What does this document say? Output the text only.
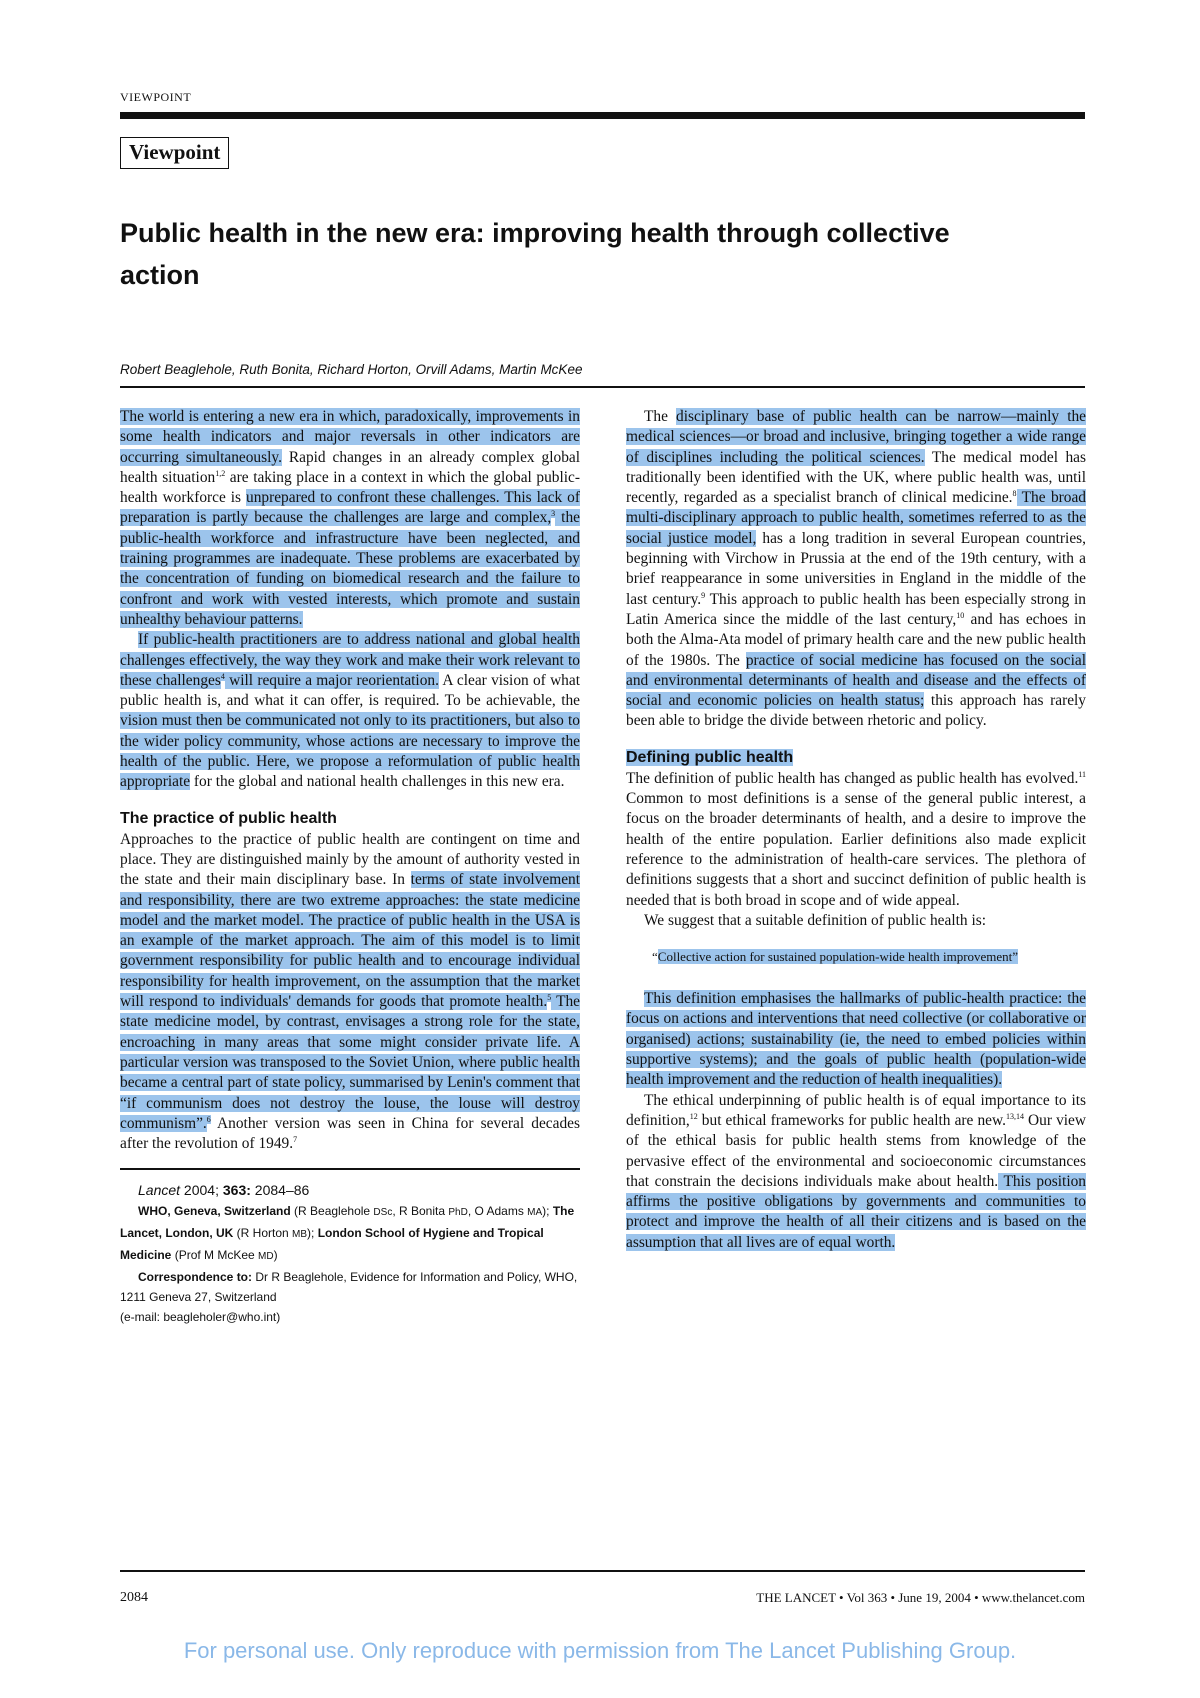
VIEWPOINT
Viewpoint
Public health in the new era: improving health through collective action
Robert Beaglehole, Ruth Bonita, Richard Horton, Orvill Adams, Martin McKee

The world is entering a new era in which, paradoxically, improvements in some health indicators and major reversals in other indicators are occurring simultaneously. Rapid changes in an already complex global health situation$^{1,2}$ are taking place in a context in which the global public-health workforce is unprepared to confront these challenges. This lack of preparation is partly because the challenges are large and complex,$^3$ the public-health workforce and infrastructure have been neglected, and training programmes are inadequate. These problems are exacerbated by the concentration of funding on biomedical research and the failure to confront and work with vested interests, which promote and sustain unhealthy behaviour patterns.

If public-health practitioners are to address national and global health challenges effectively, the way they work and make their work relevant to these challenges$^4$ will require a major reorientation. A clear vision of what public health is, and what it can offer, is required. To be achievable, the vision must then be communicated not only to its practitioners, but also to the wider policy community, whose actions are necessary to improve the health of the public. Here, we propose a reformulation of public health appropriate for the global and national health challenges in this new era.

The practice of public health

Approaches to the practice of public health are contingent on time and place. They are distinguished mainly by the amount of authority vested in the state and their main disciplinary base. In terms of state involvement and responsibility, there are two extreme approaches: the state medicine model and the market model. The practice of public health in the USA is an example of the market approach. The aim of this model is to limit government responsibility for public health and to encourage individual responsibility for health improvement, on the assumption that the market will respond to individuals' demands for goods that promote health.$^5$ The state medicine model, by contrast, envisages a strong role for the state, encroaching in many areas that some might consider private life. A particular version was transposed to the Soviet Union, where public health became a central part of state policy, summarised by Lenin's comment that “if communism does not destroy the louse, the louse will destroy communism”.$^6$ Another version was seen in China for several decades after the revolution of 1949.$^7$

Lancet 2004; 363: 2084–86

WHO, Geneva, Switzerland (R Beaglehole DSc, R Bonita PhD, O Adams MA); The Lancet, London, UK (R Horton MB); London School of Hygiene and Tropical Medicine (Prof M McKee MD)

Correspondence to: Dr R Beaglehole, Evidence for Information and Policy, WHO, 1211 Geneva 27, Switzerland
(e-mail: beagleholer@who.int)

The disciplinary base of public health can be narrow—mainly the medical sciences—or broad and inclusive, bringing together a wide range of disciplines including the political sciences. The medical model has traditionally been identified with the UK, where public health was, until recently, regarded as a specialist branch of clinical medicine.$^8$ The broad multi-disciplinary approach to public health, sometimes referred to as the social justice model, has a long tradition in several European countries, beginning with Virchow in Prussia at the end of the 19th century, with a brief reappearance in some universities in England in the middle of the last century.$^9$ This approach to public health has been especially strong in Latin America since the middle of the last century,$^{10}$ and has echoes in both the Alma-Ata model of primary health care and the new public health of the 1980s. The practice of social medicine has focused on the social and environmental determinants of health and disease and the effects of social and economic policies on health status; this approach has rarely been able to bridge the divide between rhetoric and policy.

Defining public health

The definition of public health has changed as public health has evolved.$^{11}$ Common to most definitions is a sense of the general public interest, a focus on the broader determinants of health, and a desire to improve the health of the entire population. Earlier definitions also made explicit reference to the administration of health-care services. The plethora of definitions suggests that a short and succinct definition of public health is needed that is both broad in scope and of wide appeal.

We suggest that a suitable definition of public health is:

“Collective action for sustained population-wide health improvement”

This definition emphasises the hallmarks of public-health practice: the focus on actions and interventions that need collective (or collaborative or organised) actions; sustainability (ie, the need to embed policies within supportive systems); and the goals of public health (population-wide health improvement and the reduction of health inequalities).

The ethical underpinning of public health is of equal importance to its definition,$^{12}$ but ethical frameworks for public health are new.$^{13,14}$ Our view of the ethical basis for public health stems from knowledge of the pervasive effect of the environmental and socioeconomic circumstances that constrain the decisions individuals make about health. This position affirms the positive obligations by governments and communities to protect and improve the health of all their citizens and is based on the assumption that all lives are of equal worth.

2084	THE LANCET • Vol 363 • June 19, 2004 • www.thelancet.com
For personal use. Only reproduce with permission from The Lancet Publishing Group.
